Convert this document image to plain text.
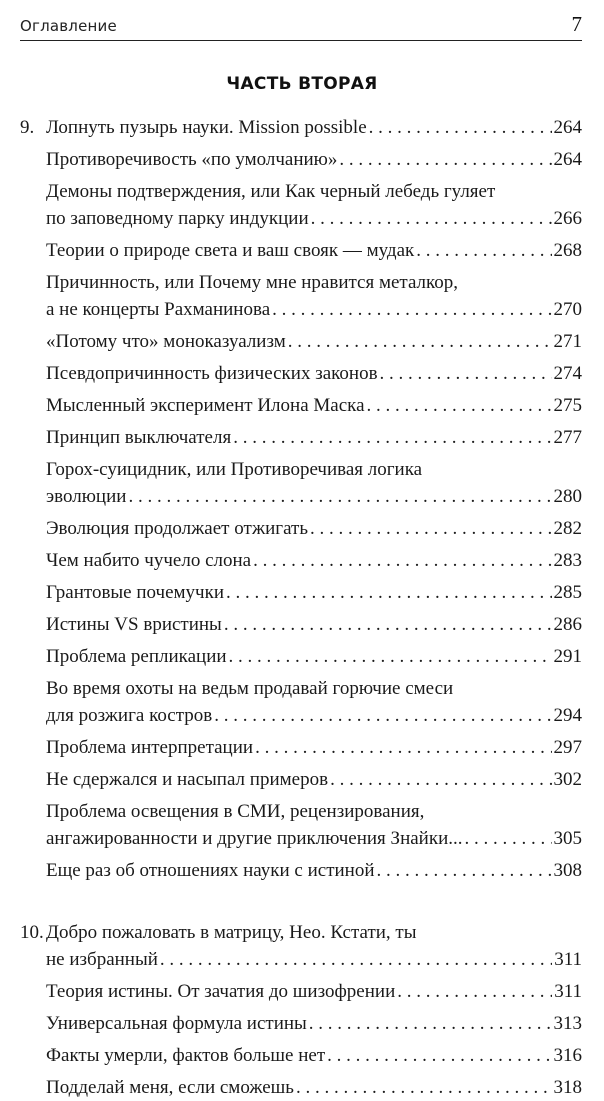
Оглавление	7
ЧАСТЬ ВТОРАЯ
9. Лопнуть пузырь науки. Mission possible . . .	264
Противоречивость «по умолчанию» . . .	264
Демоны подтверждения, или Как черный лебедь гуляет
по заповедному парку индукции . . .	266
Теории о природе света и ваш свояк — мудак . . .	268
Причинность, или Почему мне нравится металкор,
а не концерты Рахманинова . . .	270
«Потому что» моноказуализм . . .	271
Псевдопричинность физических законов . . .	274
Мысленный эксперимент Илона Маска . . .	275
Принцип выключателя . . .	277
Горох-суицидник, или Противоречивая логика
эволюции . . .	280
Эволюция продолжает отжигать . . .	282
Чем набито чучело слона . . .	283
Грантовые почемучки . . .	285
Истины VS вристины . . .	286
Проблема репликации . . .	291
Во время охоты на ведьм продавай горючие смеси
для розжига костров . . .	294
Проблема интерпретации . . .	297
Не сдержался и насыпал примеров . . .	302
Проблема освещения в СМИ, рецензирования,
ангажированности и другие приключения Знайки... . . .	305
Еще раз об отношениях науки с истиной . . .	308
10. Добро пожаловать в матрицу, Нео. Кстати, ты
не избранный . . .	311
Теория истины. От зачатия до шизофрении . . .	311
Универсальная формула истины . . .	313
Факты умерли, фактов больше нет . . .	316
Подделай меня, если сможешь . . .	318
